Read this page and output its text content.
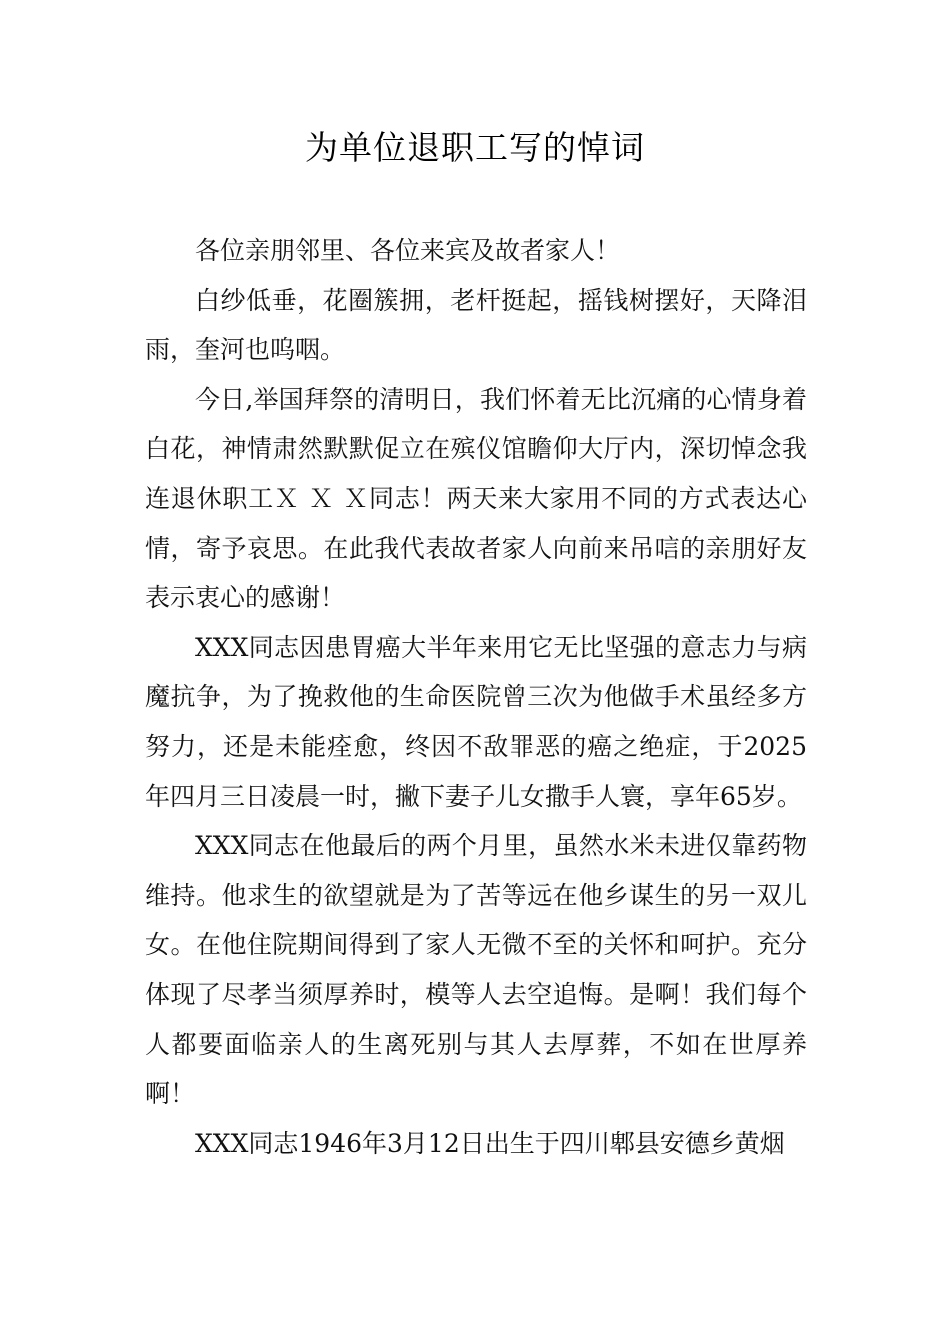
为单位退职工写的悼词

各位亲朋邻里、各位来宾及故者家人！

白纱低垂，花圈簇拥，老杆挺起，摇钱树摆好，天降泪雨，奎河也呜咽。

今日,举国拜祭的清明日，我们怀着无比沉痛的心情身着白花，神情肃然默默促立在殡仪馆瞻仰大厅内，深切悼念我连退休职工Ｘ Ｘ Ｘ同志！两天来大家用不同的方式表达心情，寄予哀思。在此我代表故者家人向前来吊唁的亲朋好友表示衷心的感谢！

XXX同志因患胃癌大半年来用它无比坚强的意志力与病魔抗争，为了挽救他的生命医院曾三次为他做手术虽经多方努力，还是未能痊愈，终因不敌罪恶的癌之绝症，于2025年四月三日凌晨一时，撇下妻子儿女撒手人寰，享年65岁。

XXX同志在他最后的两个月里，虽然水米未进仅靠药物维持。他求生的欲望就是为了苦等远在他乡谋生的另一双儿女。在他住院期间得到了家人无微不至的关怀和呵护。充分体现了尽孝当须厚养时，模等人去空追悔。是啊！我们每个人都要面临亲人的生离死别与其人去厚葬，不如在世厚养啊！

XXX同志1946年3月12日出生于四川郫县安德乡黄烟
